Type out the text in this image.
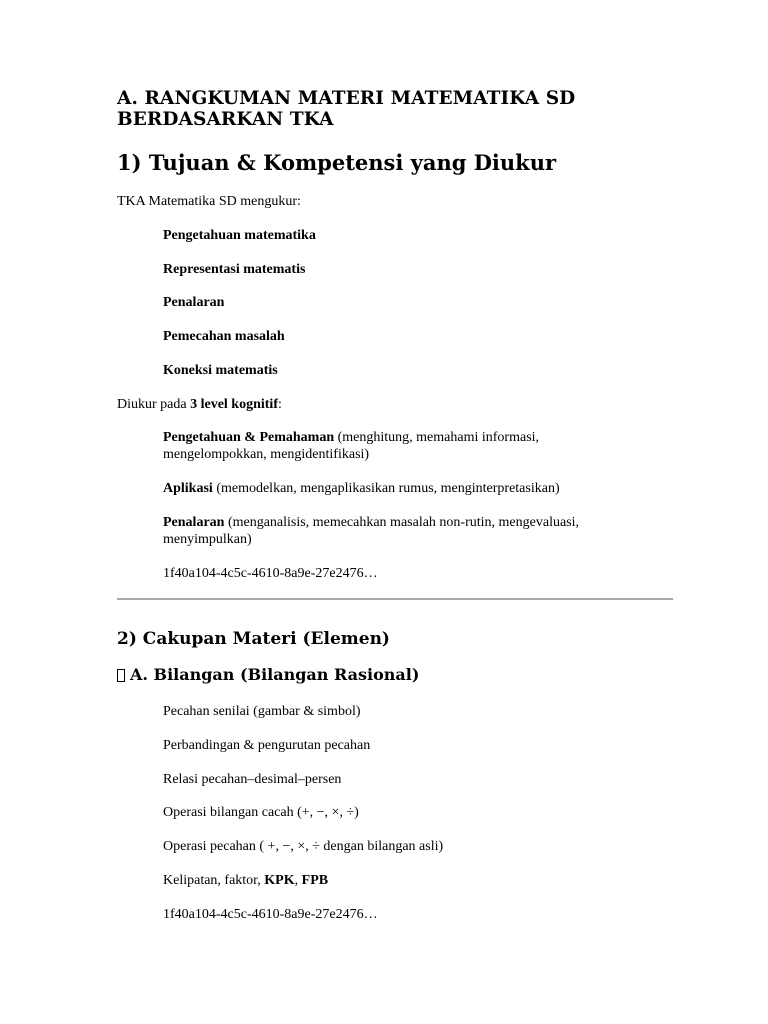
A. RANGKUMAN MATERI MATEMATIKA SD BERDASARKAN TKA
1) Tujuan & Kompetensi yang Diukur

TKA Matematika SD mengukur:

Pengetahuan matematika

Representasi matematis

Penalaran

Pemecahan masalah

Koneksi matematis

Diukur pada 3 level kognitif:

Pengetahuan & Pemahaman (menghitung, memahami informasi, mengelompokkan, mengidentifikasi)

Aplikasi (memodelkan, mengaplikasikan rumus, menginterpretasikan)

Penalaran (menganalisis, memecahkan masalah non-rutin, mengevaluasi, menyimpulkan)

1f40a104-4c5c-4610-8a9e-27e2476…

2) Cakupan Materi (Elemen)
A. Bilangan (Bilangan Rasional)

Pecahan senilai (gambar & simbol)

Perbandingan & pengurutan pecahan

Relasi pecahan–desimal–persen

Operasi bilangan cacah (+, −, ×, ÷)

Operasi pecahan ( +, −, ×, ÷ dengan bilangan asli)

Kelipatan, faktor, KPK, FPB

1f40a104-4c5c-4610-8a9e-27e2476…
